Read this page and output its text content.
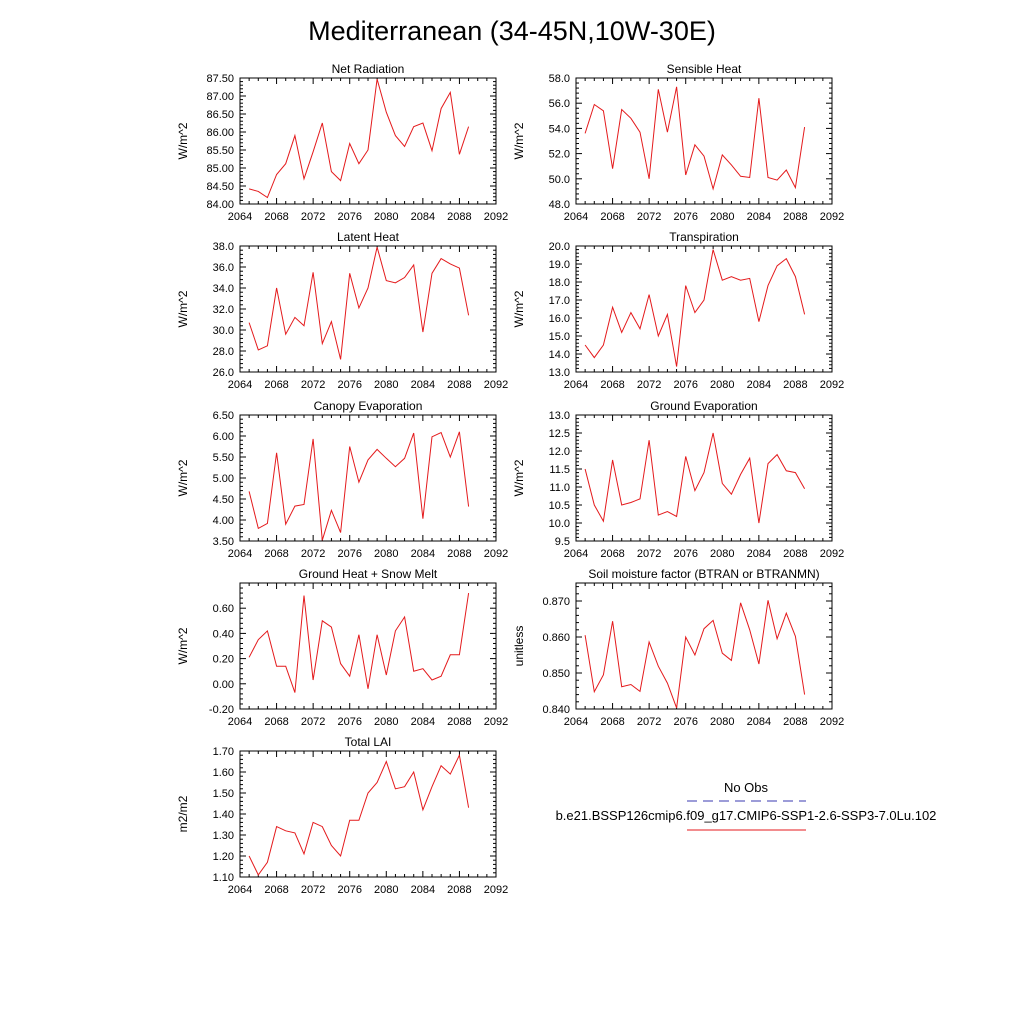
Mediterranean (34-45N,10W-30E)
Net Radiation
W/m^2
2064 2068 2072 2076 2080 2084 2088 2092
84.00
84.50
85.00
85.50
86.00
86.50
87.00
87.50
Sensible Heat
W/m^2
2064 2068 2072 2076 2080 2084 2088 2092
48.0
50.0
52.0
54.0
56.0
58.0
Latent Heat
W/m^2
2064 2068 2072 2076 2080 2084 2088 2092
26.0
28.0
30.0
32.0
34.0
36.0
38.0
Transpiration
W/m^2
2064 2068 2072 2076 2080 2084 2088 2092
13.0
14.0
15.0
16.0
17.0
18.0
19.0
20.0
Canopy Evaporation
W/m^2
2064 2068 2072 2076 2080 2084 2088 2092
3.50
4.00
4.50
5.00
5.50
6.00
6.50
Ground Evaporation
W/m^2
2064 2068 2072 2076 2080 2084 2088 2092
9.5
10.0
10.5
11.0
11.5
12.0
12.5
13.0
Ground Heat + Snow Melt
W/m^2
2064 2068 2072 2076 2080 2084 2088 2092
-0.20
0.00
0.20
0.40
0.60
Soil moisture factor (BTRAN or BTRANMN)
unitless
2064 2068 2072 2076 2080 2084 2088 2092
0.840
0.850
0.860
0.870
Total LAI
m2/m2
2064 2068 2072 2076 2080 2084 2088 2092
1.10
1.20
1.30
1.40
1.50
1.60
1.70
No Obs
b.e21.BSSP126cmip6.f09_g17.CMIP6-SSP1-2.6-SSP3-7.0Lu.102
